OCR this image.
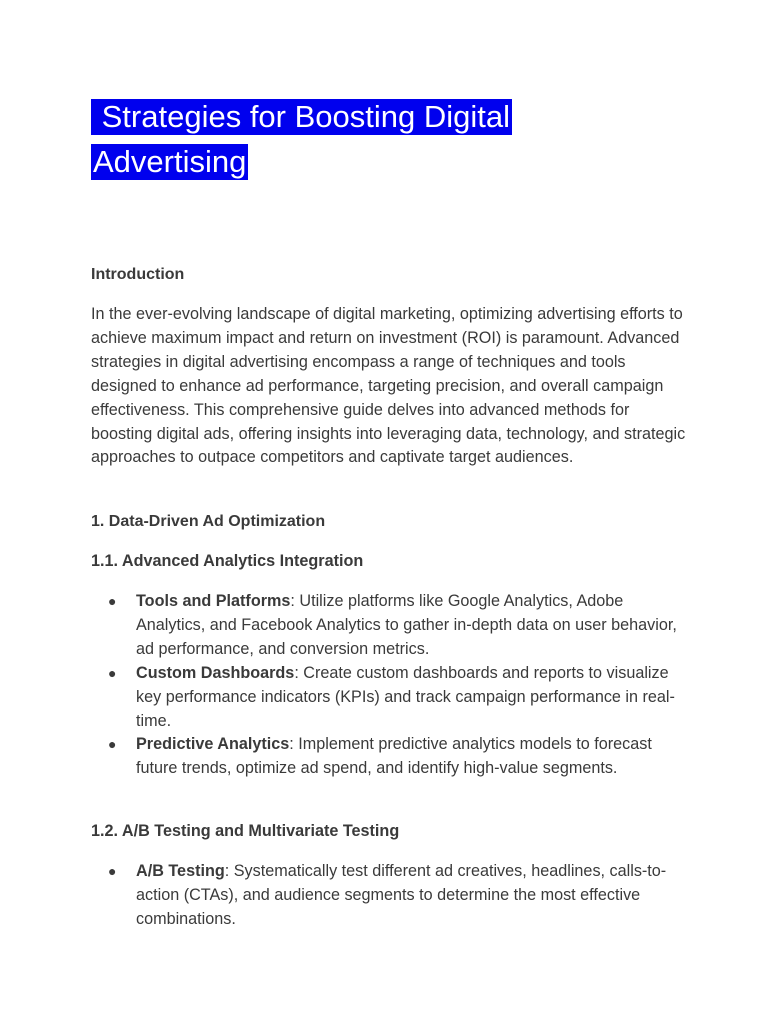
Strategies for Boosting Digital Advertising
Introduction

In the ever-evolving landscape of digital marketing, optimizing advertising efforts to achieve maximum impact and return on investment (ROI) is paramount. Advanced strategies in digital advertising encompass a range of techniques and tools designed to enhance ad performance, targeting precision, and overall campaign effectiveness. This comprehensive guide delves into advanced methods for boosting digital ads, offering insights into leveraging data, technology, and strategic approaches to outpace competitors and captivate target audiences.

1. Data-Driven Ad Optimization
1.1. Advanced Analytics Integration
● Tools and Platforms: Utilize platforms like Google Analytics, Adobe Analytics, and Facebook Analytics to gather in-depth data on user behavior, ad performance, and conversion metrics.
● Custom Dashboards: Create custom dashboards and reports to visualize key performance indicators (KPIs) and track campaign performance in real-time.
● Predictive Analytics: Implement predictive analytics models to forecast future trends, optimize ad spend, and identify high-value segments.
1.2. A/B Testing and Multivariate Testing
● A/B Testing: Systematically test different ad creatives, headlines, calls-to-action (CTAs), and audience segments to determine the most effective combinations.
